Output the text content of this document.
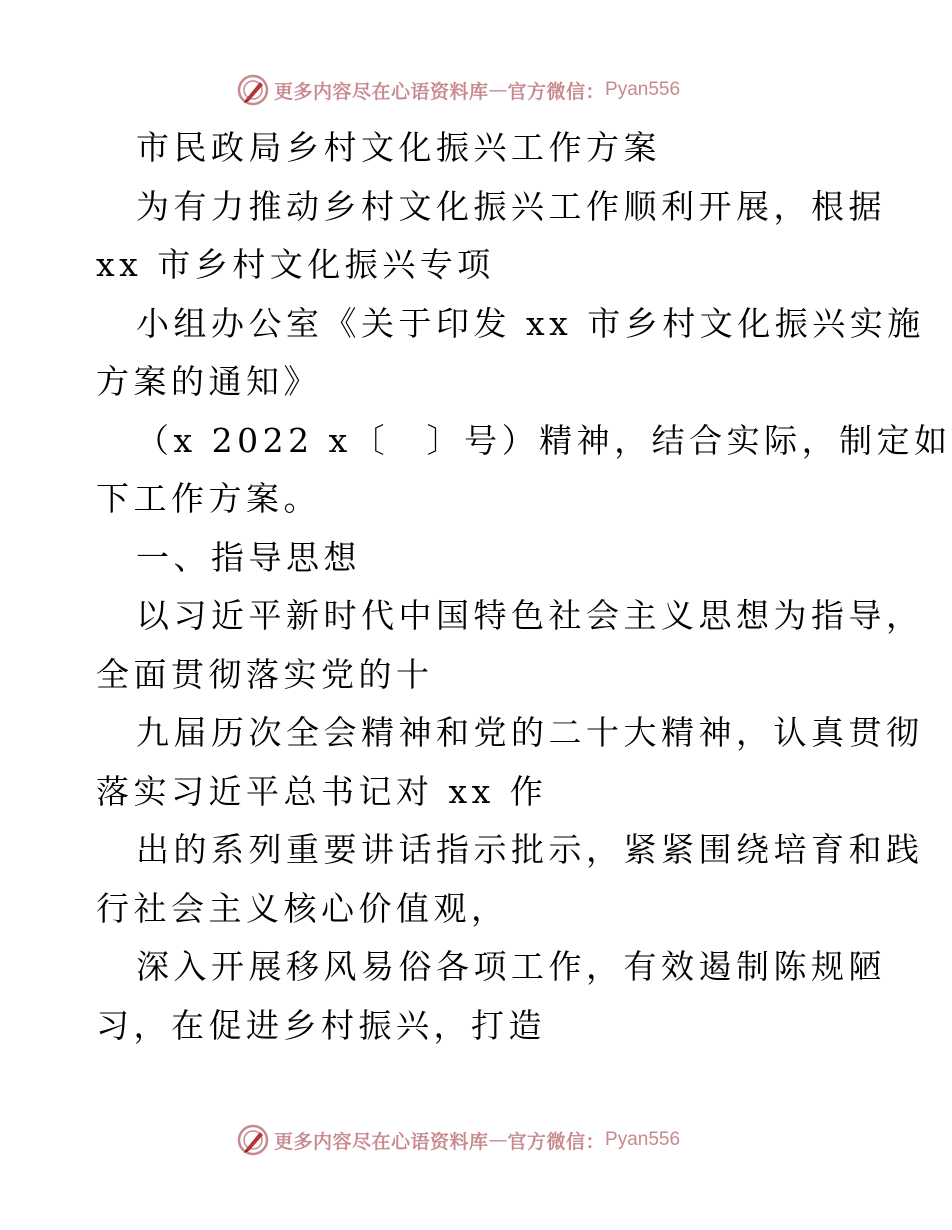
更多内容尽在心语资料库 — 官方微信： Pyan556
市民政局乡村文化振兴工作方案
为有力推动乡村文化振兴工作顺利开展，根据
xx 市乡村文化振兴专项
小组办公室《关于印发 xx 市乡村文化振兴实施
方案的通知》
（x 2022 x〔　〕号）精神，结合实际，制定如
下工作方案。
一、指导思想
以习近平新时代中国特色社会主义思想为指导，
全面贯彻落实党的十
九届历次全会精神和党的二十大精神，认真贯彻
落实习近平总书记对 xx 作
出的系列重要讲话指示批示，紧紧围绕培育和践
行社会主义核心价值观，
深入开展移风易俗各项工作，有效遏制陈规陋
习，在促进乡村振兴，打造
更多内容尽在心语资料库 — 官方微信： Pyan556
